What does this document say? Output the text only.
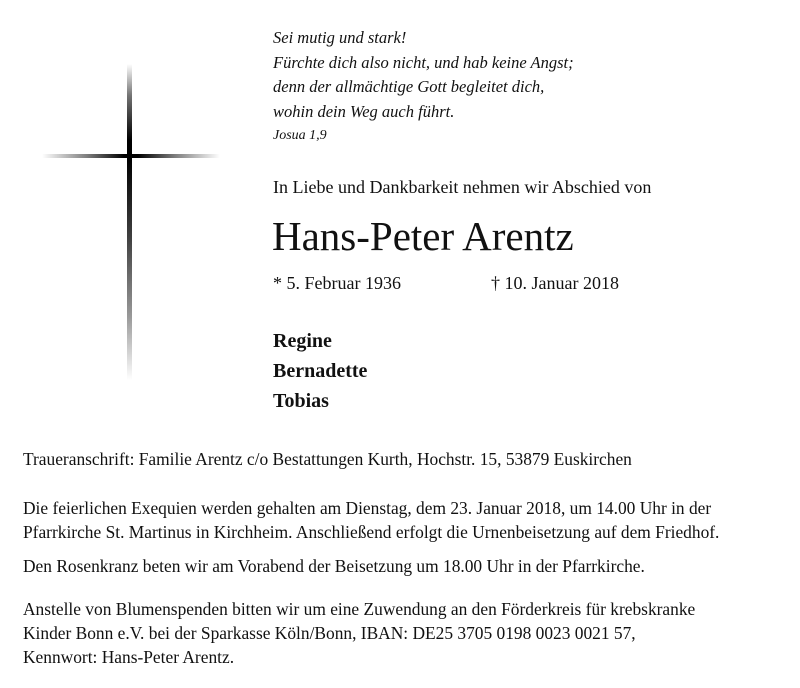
Sei mutig und stark!
Fürchte dich also nicht, und hab keine Angst;
denn der allmächtige Gott begleitet dich,
wohin dein Weg auch führt.
Josua 1,9
In Liebe und Dankbarkeit nehmen wir Abschied von
Hans-Peter Arentz
* 5. Februar 1936	† 10. Januar 2018
Regine
Bernadette
Tobias
Traueranschrift: Familie Arentz c/o Bestattungen Kurth, Hochstr. 15, 53879 Euskirchen
Die feierlichen Exequien werden gehalten am Dienstag, dem 23. Januar 2018, um 14.00 Uhr in der
Pfarrkirche St. Martinus in Kirchheim. Anschließend erfolgt die Urnenbeisetzung auf dem Friedhof.
Den Rosenkranz beten wir am Vorabend der Beisetzung um 18.00 Uhr in der Pfarrkirche.
Anstelle von Blumenspenden bitten wir um eine Zuwendung an den Förderkreis für krebskranke
Kinder Bonn e.V. bei der Sparkasse Köln/Bonn, IBAN: DE25 3705 0198 0023 0021 57,
Kennwort: Hans-Peter Arentz.
